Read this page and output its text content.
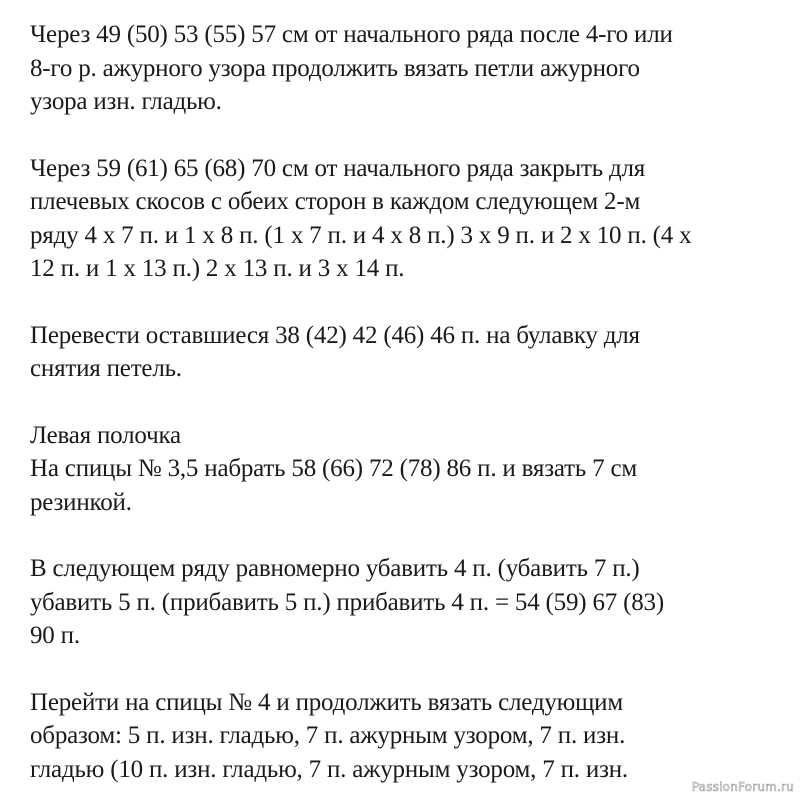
Через 49 (50) 53 (55) 57 см от начального ряда после 4-го или
8-го р. ажурного узора продолжить вязать петли ажурного
узора изн. гладью.

Через 59 (61) 65 (68) 70 см от начального ряда закрыть для
плечевых скосов с обеих сторон в каждом следующем 2-м
ряду 4 х 7 п. и 1 х 8 п. (1 х 7 п. и 4 х 8 п.) 3 х 9 п. и 2 х 10 п. (4 х
12 п. и 1 х 13 п.) 2 х 13 п. и 3 х 14 п.

Перевести оставшиеся 38 (42) 42 (46) 46 п. на булавку для
снятия петель.

Левая полочка
На спицы № 3,5 набрать 58 (66) 72 (78) 86 п. и вязать 7 см
резинкой.

В следующем ряду равномерно убавить 4 п. (убавить 7 п.)
убавить 5 п. (прибавить 5 п.) прибавить 4 п. = 54 (59) 67 (83)
90 п.

Перейти на спицы № 4 и продолжить вязать следующим
образом: 5 п. изн. гладью, 7 п. ажурным узором, 7 п. изн.
гладью (10 п. изн. гладью, 7 п. ажурным узором, 7 п. изн.

PassionForum.ru
